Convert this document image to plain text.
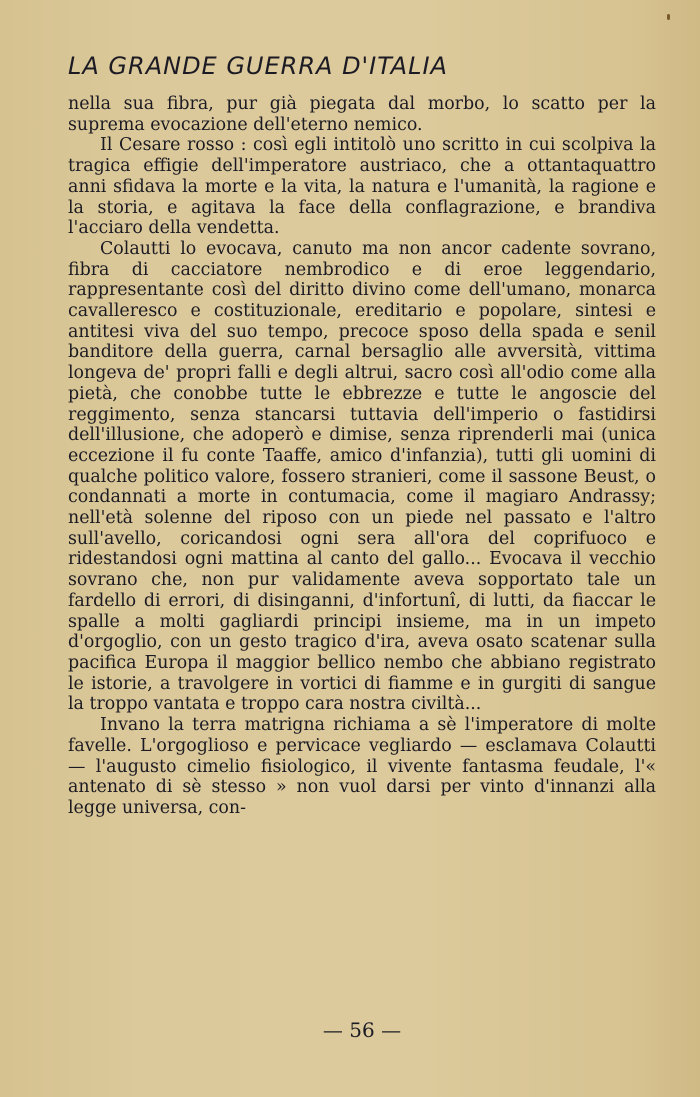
LA GRANDE GUERRA D'ITALIA

nella sua fibra, pur già piegata dal morbo, lo scatto per la suprema evocazione dell'eterno nemico.

Il Cesare rosso : così egli intitolò uno scritto in cui scolpiva la tragica effigie dell'imperatore austriaco, che a ottantaquattro anni sfidava la morte e la vita, la natura e l'umanità, la ragione e la storia, e agitava la face della conflagrazione, e brandiva l'acciaro della vendetta.

Colautti lo evocava, canuto ma non ancor cadente sovrano, fibra di cacciatore nembrodico e di eroe leggendario, rappresentante così del diritto divino come dell'umano, monarca cavalleresco e costituzionale, ereditario e popolare, sintesi e antitesi viva del suo tempo, precoce sposo della spada e senil banditore della guerra, carnal bersaglio alle avversità, vittima longeva de' propri falli e degli altrui, sacro così all'odio come alla pietà, che conobbe tutte le ebbrezze e tutte le angoscie del reggimento, senza stancarsi tuttavia dell'imperio o fastidirsi dell'illusione, che adoperò e dimise, senza riprenderli mai (unica eccezione il fu conte Taaffe, amico d'infanzia), tutti gli uomini di qualche politico valore, fossero stranieri, come il sassone Beust, o condannati a morte in contumacia, come il magiaro Andrassy; nell'età solenne del riposo con un piede nel passato e l'altro sull'avello, coricandosi ogni sera all'ora del coprifuoco e ridestandosi ogni mattina al canto del gallo... Evocava il vecchio sovrano che, non pur validamente aveva sopportato tale un fardello di errori, di disinganni, d'infortunî, di lutti, da fiaccar le spalle a molti gagliardi principi insieme, ma in un impeto d'orgoglio, con un gesto tragico d'ira, aveva osato scatenar sulla pacifica Europa il maggior bellico nembo che abbiano registrato le istorie, a travolgere in vortici di fiamme e in gurgiti di sangue la troppo vantata e troppo cara nostra civiltà...

Invano la terra matrigna richiama a sè l'imperatore di molte favelle. L'orgoglioso e pervicace vegliardo — esclamava Colautti — l'augusto cimelio fisiologico, il vivente fantasma feudale, l'« antenato di sè stesso » non vuol darsi per vinto d'innanzi alla legge universa, con-

— 56 —
